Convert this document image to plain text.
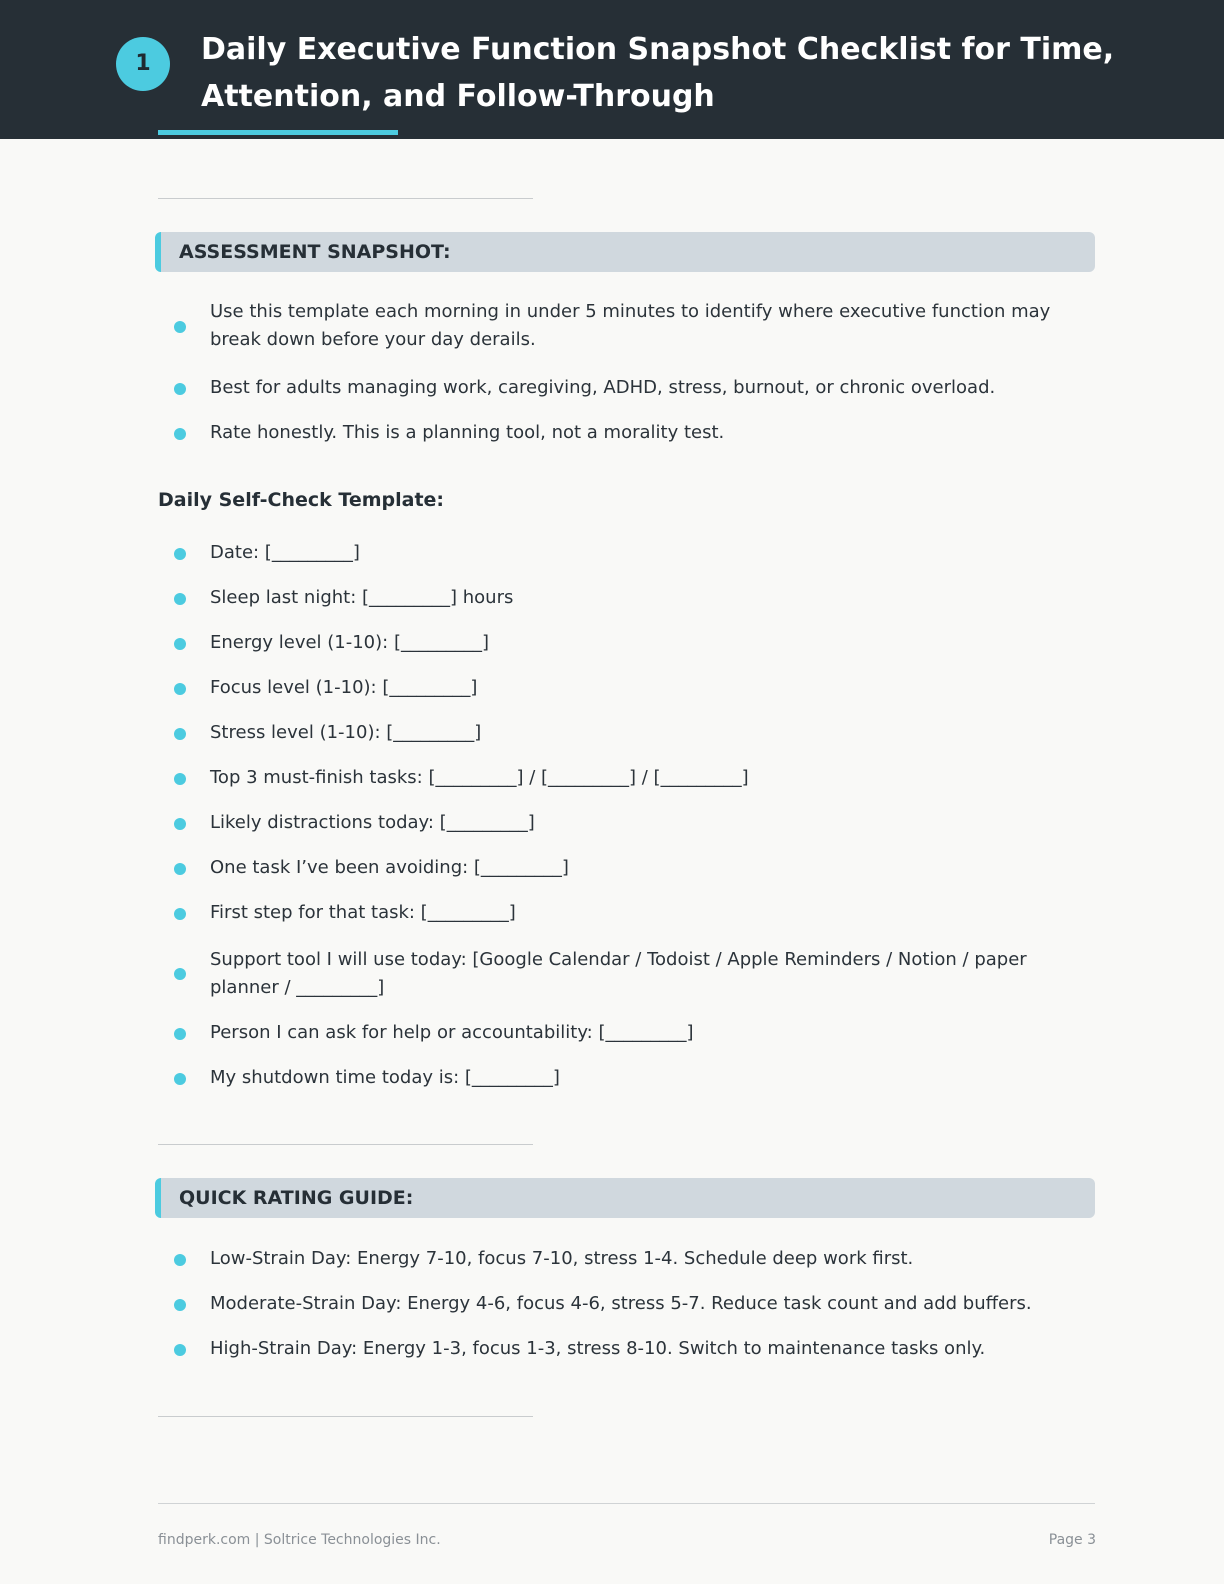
1	Daily Executive Function Snapshot Checklist for Time, Attention, and Follow-Through
ASSESSMENT SNAPSHOT:
Use this template each morning in under 5 minutes to identify where executive function may break down before your day derails.
Best for adults managing work, caregiving, ADHD, stress, burnout, or chronic overload.
Rate honestly. This is a planning tool, not a morality test.
Daily Self-Check Template:
Date: [_________]
Sleep last night: [_________] hours
Energy level (1-10): [_________]
Focus level (1-10): [_________]
Stress level (1-10): [_________]
Top 3 must-finish tasks: [_________] / [_________] / [_________]
Likely distractions today: [_________]
One task I’ve been avoiding: [_________]
First step for that task: [_________]
Support tool I will use today: [Google Calendar / Todoist / Apple Reminders / Notion / paper planner / _________]
Person I can ask for help or accountability: [_________]
My shutdown time today is: [_________]
QUICK RATING GUIDE:
Low-Strain Day: Energy 7-10, focus 7-10, stress 1-4. Schedule deep work first.
Moderate-Strain Day: Energy 4-6, focus 4-6, stress 5-7. Reduce task count and add buffers.
High-Strain Day: Energy 1-3, focus 1-3, stress 8-10. Switch to maintenance tasks only.
findperk.com | Soltrice Technologies Inc.	Page 3
